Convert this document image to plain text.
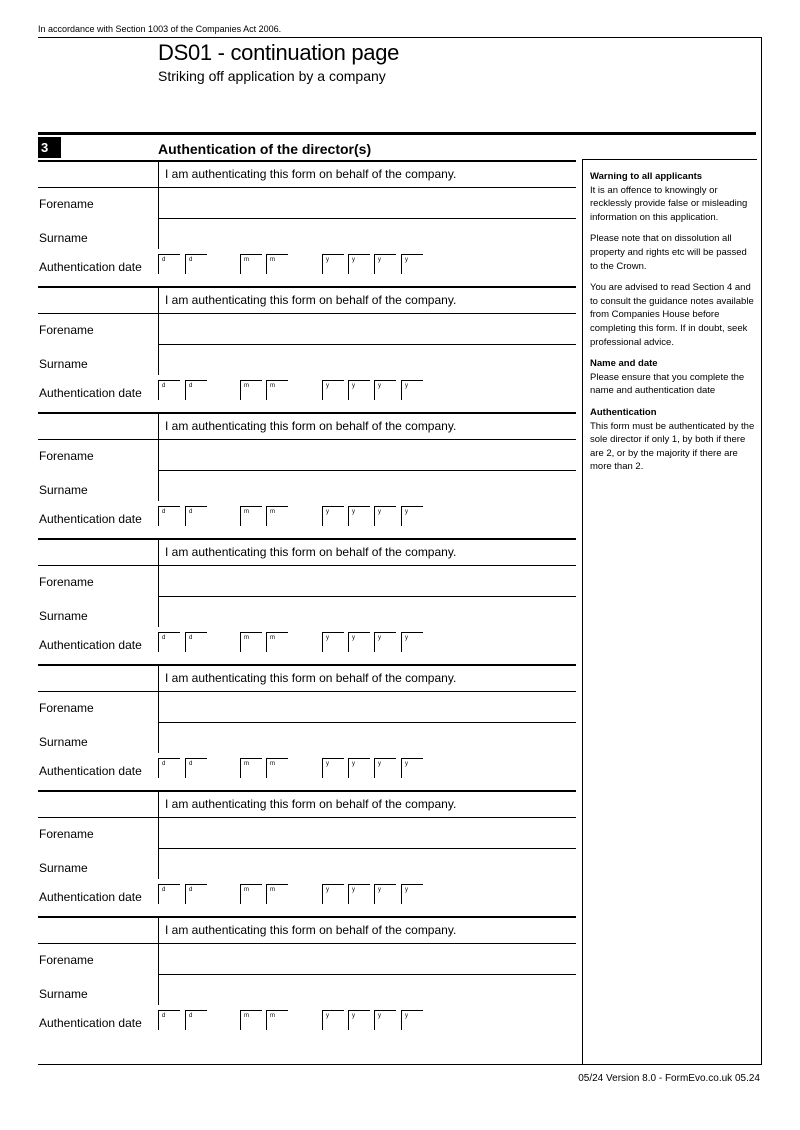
In accordance with Section 1003 of the Companies Act 2006.
DS01 - continuation page
Striking off application by a company
3	Authentication of the director(s)
Warning to all applicants
It is an offence to knowingly or recklessly provide false or misleading information on this application.
Please note that on dissolution all property and rights etc will be passed to the Crown.
You are advised to read Section 4 and to consult the guidance notes available from Companies House before completing this form. If in doubt, seek professional advice.
Name and date
Please ensure that you complete the name and authentication date
Authentication
This form must be authenticated by the sole director if only 1, by both if there are 2, or by the majority if there are more than 2.
I am authenticating this form on behalf of the company.
Forename
Surname
Authentication date	d	d	m	m	y	y	y	y
I am authenticating this form on behalf of the company.
Forename
Surname
Authentication date	d	d	m	m	y	y	y	y
I am authenticating this form on behalf of the company.
Forename
Surname
Authentication date	d	d	m	m	y	y	y	y
I am authenticating this form on behalf of the company.
Forename
Surname
Authentication date	d	d	m	m	y	y	y	y
I am authenticating this form on behalf of the company.
Forename
Surname
Authentication date	d	d	m	m	y	y	y	y
I am authenticating this form on behalf of the company.
Forename
Surname
Authentication date	d	d	m	m	y	y	y	y
I am authenticating this form on behalf of the company.
Forename
Surname
Authentication date	d	d	m	m	y	y	y	y
05/24 Version 8.0 - FormEvo.co.uk 05.24
